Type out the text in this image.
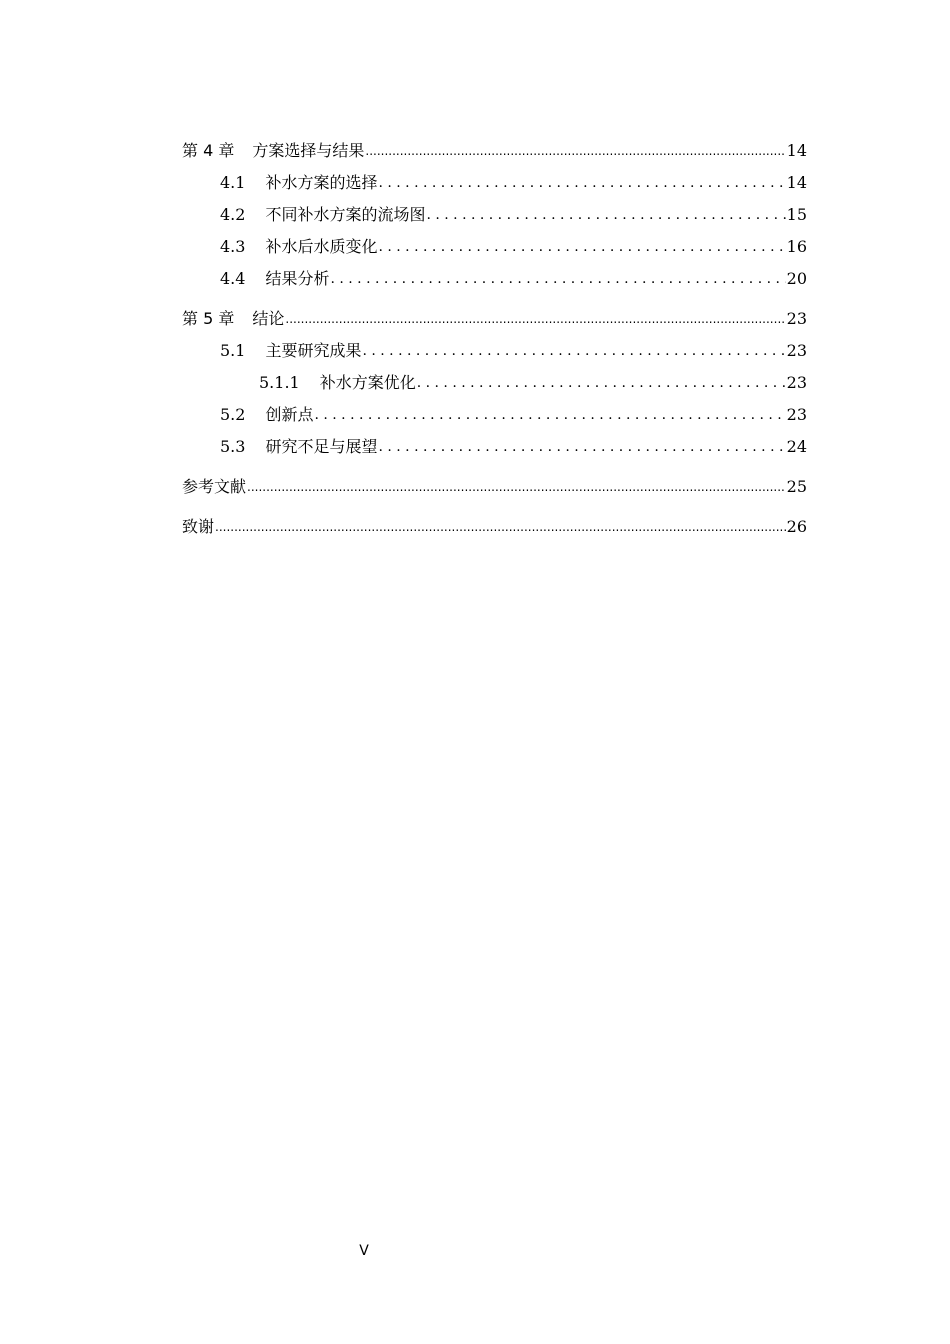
第 4 章 方案选择与结果 .....	14
4.1 补水方案的选择 . . .	14
4.2 不同补水方案的流场图 . . .	15
4.3 补水后水质变化 . . .	16
4.4 结果分析 . . .	20
第 5 章 结论 .....	23
5.1 主要研究成果 . . .	23
5.1.1 补水方案优化 . . .	23
5.2 创新点 . . .	23
5.3 研究不足与展望 . . .	24
参考文献 .....	25
致谢 .....	26
V
